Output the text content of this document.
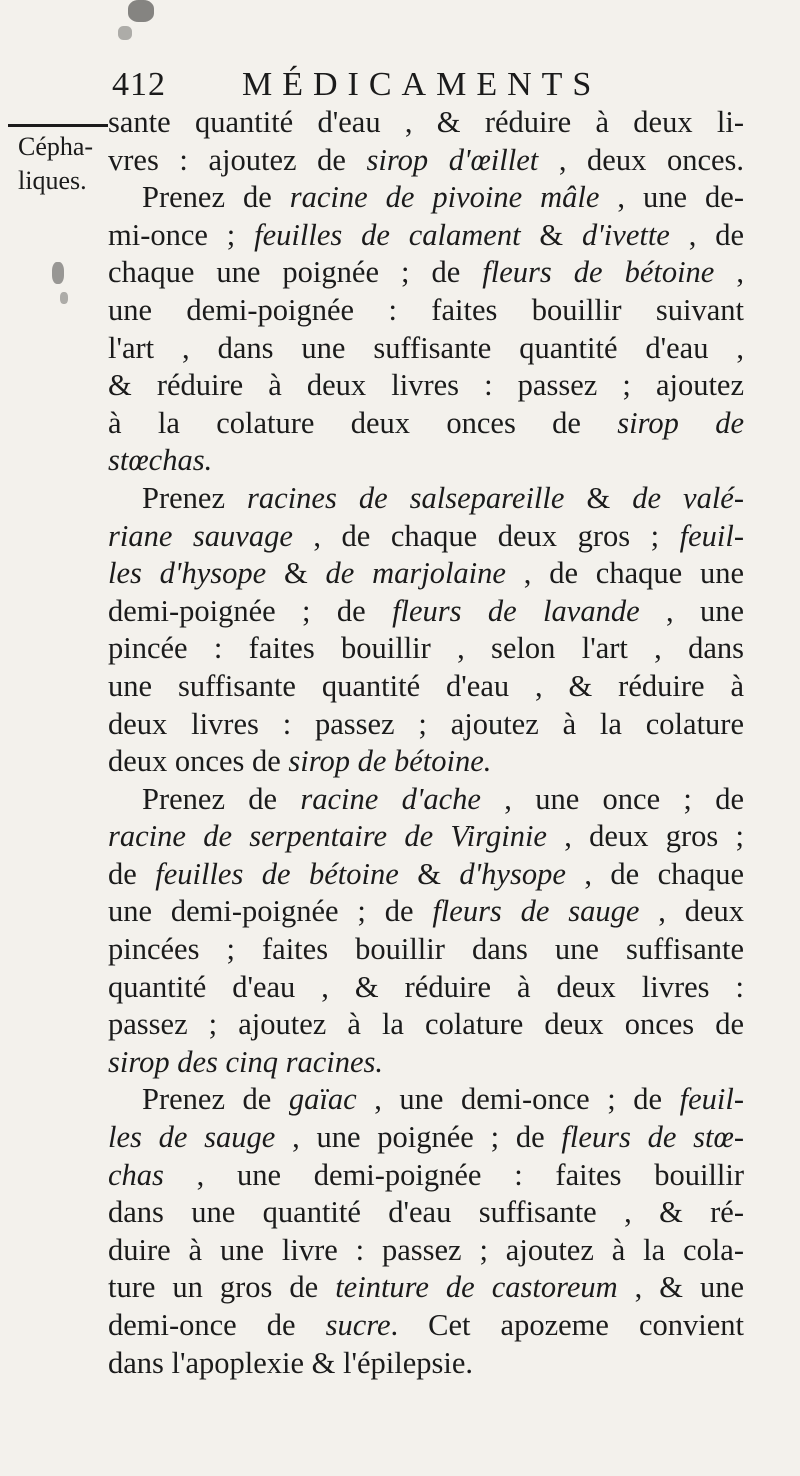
412 MÉDICAMENTS
Cépha-
liques.
sante quantité d'eau , & réduire à deux li-
vres : ajoutez de sirop d'œillet , deux onces.
Prenez de racine de pivoine mâle , une de-
mi-once ; feuilles de calament & d'ivette , de
chaque une poignée ; de fleurs de bétoine ,
une demi-poignée : faites bouillir suivant
l'art , dans une suffisante quantité d'eau ,
& réduire à deux livres : passez ; ajoutez
à la colature deux onces de sirop de
stœchas.
Prenez racines de salsepareille & de valé-
riane sauvage , de chaque deux gros ; feuil-
les d'hysope & de marjolaine , de chaque une
demi-poignée ; de fleurs de lavande , une
pincée : faites bouillir , selon l'art , dans
une suffisante quantité d'eau , & réduire à
deux livres : passez ; ajoutez à la colature
deux onces de sirop de bétoine.
Prenez de racine d'ache , une once ; de
racine de serpentaire de Virginie , deux gros ;
de feuilles de bétoine & d'hysope , de chaque
une demi-poignée ; de fleurs de sauge , deux
pincées ; faites bouillir dans une suffisante
quantité d'eau , & réduire à deux livres :
passez ; ajoutez à la colature deux onces de
sirop des cinq racines.
Prenez de gaïac , une demi-once ; de feuil-
les de sauge , une poignée ; de fleurs de stœ-
chas , une demi-poignée : faites bouillir
dans une quantité d'eau suffisante , & ré-
duire à une livre : passez ; ajoutez à la cola-
ture un gros de teinture de castoreum , & une
demi-once de sucre. Cet apozeme convient
dans l'apoplexie & l'épilepsie.
